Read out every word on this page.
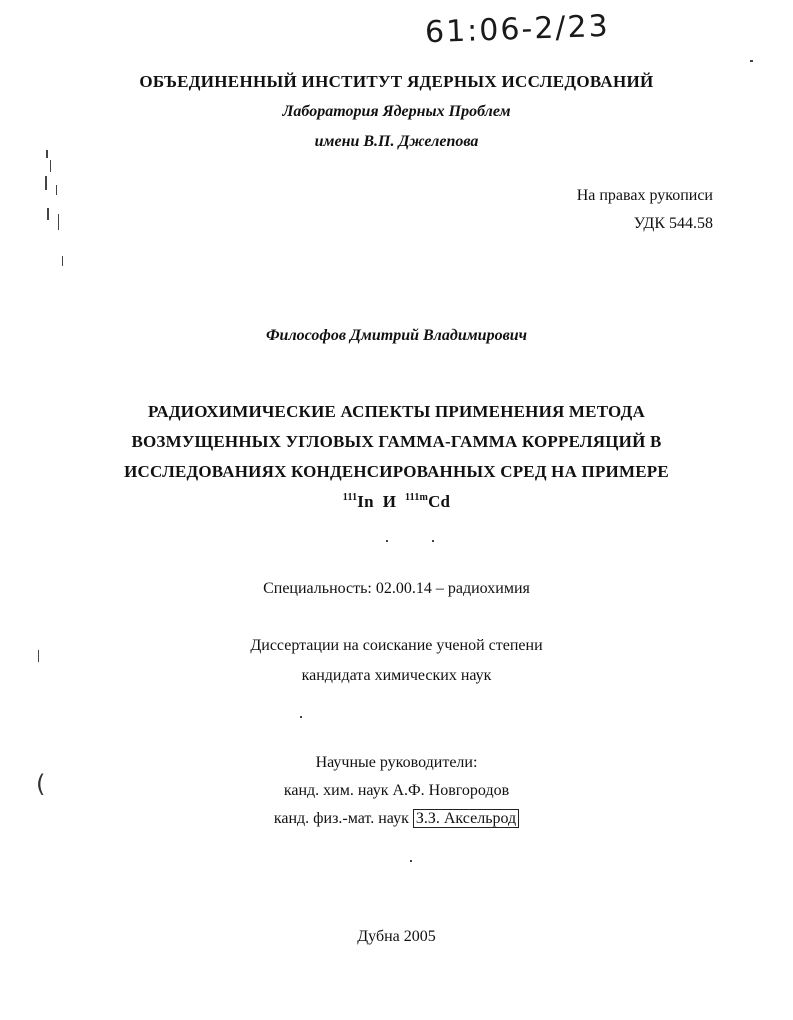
61:06-2/23
ОБЪЕДИНЕННЫЙ ИНСТИТУТ ЯДЕРНЫХ ИССЛЕДОВАНИЙ
Лаборатория Ядерных Проблем
имени В.П. Джелепова
На правах рукописи
УДК 544.58
Философов Дмитрий Владимирович
РАДИОХИМИЧЕСКИЕ АСПЕКТЫ ПРИМЕНЕНИЯ МЕТОДА
ВОЗМУЩЕННЫХ УГЛОВЫХ ГАММА-ГАММА КОРРЕЛЯЦИЙ В
ИССЛЕДОВАНИЯХ КОНДЕНСИРОВАННЫХ СРЕД НА ПРИМЕРЕ
$^{111}$In И $^{111m}$Cd
Специальность: 02.00.14 – радиохимия
Диссертации на соискание ученой степени
кандидата химических наук
Научные руководители:
канд. хим. наук А.Ф. Новгородов
канд. физ.-мат. наук З.З. Аксельрод
Дубна 2005
(
